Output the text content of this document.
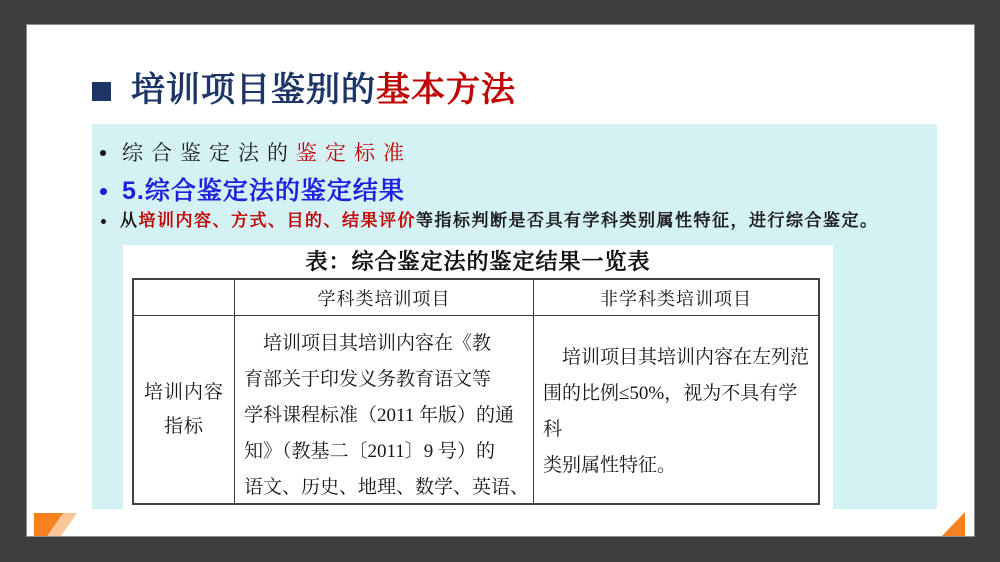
培训项目鉴别的基本方法
综合鉴定法的鉴定标准
5.综合鉴定法的鉴定结果
从培训内容、方式、目的、结果评价等指标判断是否具有学科类别属性特征，进行综合鉴定。
表：综合鉴定法的鉴定结果一览表
学科类培训项目	非学科类培训项目
培训内容
指标
　培训项目其培训内容在《教
育部关于印发义务教育语文等
学科课程标准（2011 年版）的通
知》（教基二〔2011〕9 号）的
语文、历史、地理、数学、英语、
　培训项目其培训内容在左列范
围的比例≤50%，视为不具有学科
类别属性特征。
